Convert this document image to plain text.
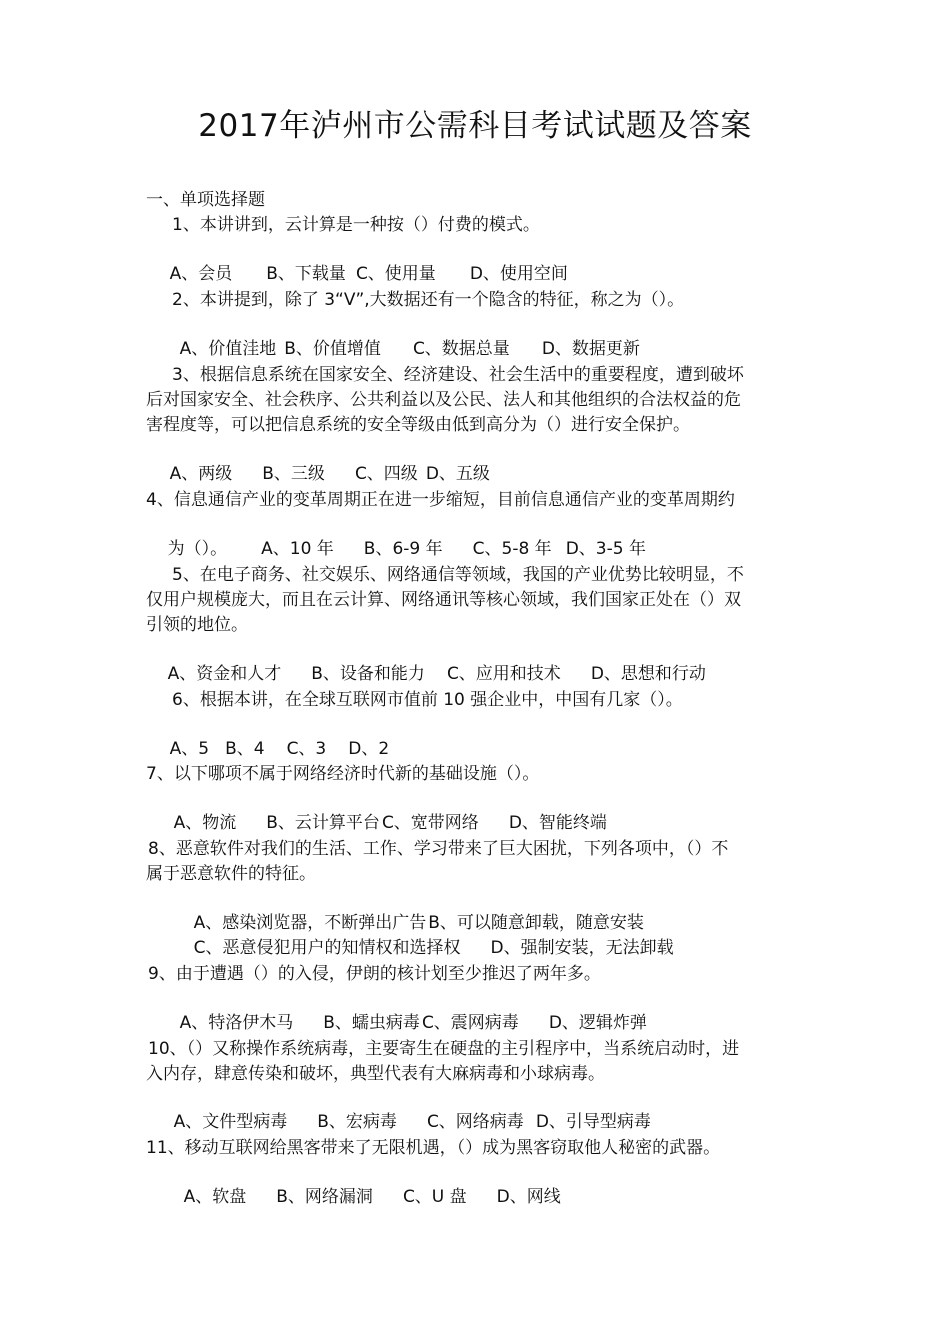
2017年泸州市公需科目考试试题及答案
一、单项选择题
1、本讲讲到，云计算是一种按（）付费的模式。

A、会员 B、下载量 C、使用量 D、使用空间

2、本讲提到，除了 3“V”,大数据还有一个隐含的特征，称之为（）。

A、价值洼地 B、价值增值 C、数据总量 D、数据更新

3、根据信息系统在国家安全、经济建设、社会生活中的重要程度，遭到破坏
后对国家安全、社会秩序、公共利益以及公民、法人和其他组织的合法权益的危
害程度等，可以把信息系统的安全等级由低到高分为（）进行安全保护。

A、两级 B、三级 C、四级 D、五级

4、信息通信产业的变革周期正在进一步缩短，目前信息通信产业的变革周期约

为（）。 A、10 年 B、6-9 年 C、5-8 年 D、3-5 年

5、在电子商务、社交娱乐、网络通信等领域，我国的产业优势比较明显，不
仅用户规模庞大，而且在云计算、网络通讯等核心领域，我们国家正处在（）双
引领的地位。

A、资金和人才 B、设备和能力 C、应用和技术 D、思想和行动

6、根据本讲，在全球互联网市值前 10 强企业中，中国有几家（）。

A、5 B、4 C、3 D、2

7、以下哪项不属于网络经济时代新的基础设施（）。

A、物流 B、云计算平台 C、宽带网络 D、智能终端

8、恶意软件对我们的生活、工作、学习带来了巨大困扰，下列各项中，（）不
属于恶意软件的特征。

A、感染浏览器，不断弹出广告 B、可以随意卸载，随意安装

C、恶意侵犯用户的知情权和选择权 D、强制安装，无法卸载

9、由于遭遇（）的入侵，伊朗的核计划至少推迟了两年多。

A、特洛伊木马 B、蠕虫病毒 C、震网病毒 D、逻辑炸弹

10、（）又称操作系统病毒，主要寄生在硬盘的主引程序中，当系统启动时，进
入内存，肆意传染和破坏，典型代表有大麻病毒和小球病毒。

A、文件型病毒 B、宏病毒 C、网络病毒 D、引导型病毒

11、移动互联网给黑客带来了无限机遇，（）成为黑客窃取他人秘密的武器。

A、软盘 B、网络漏洞 C、U 盘 D、网线
